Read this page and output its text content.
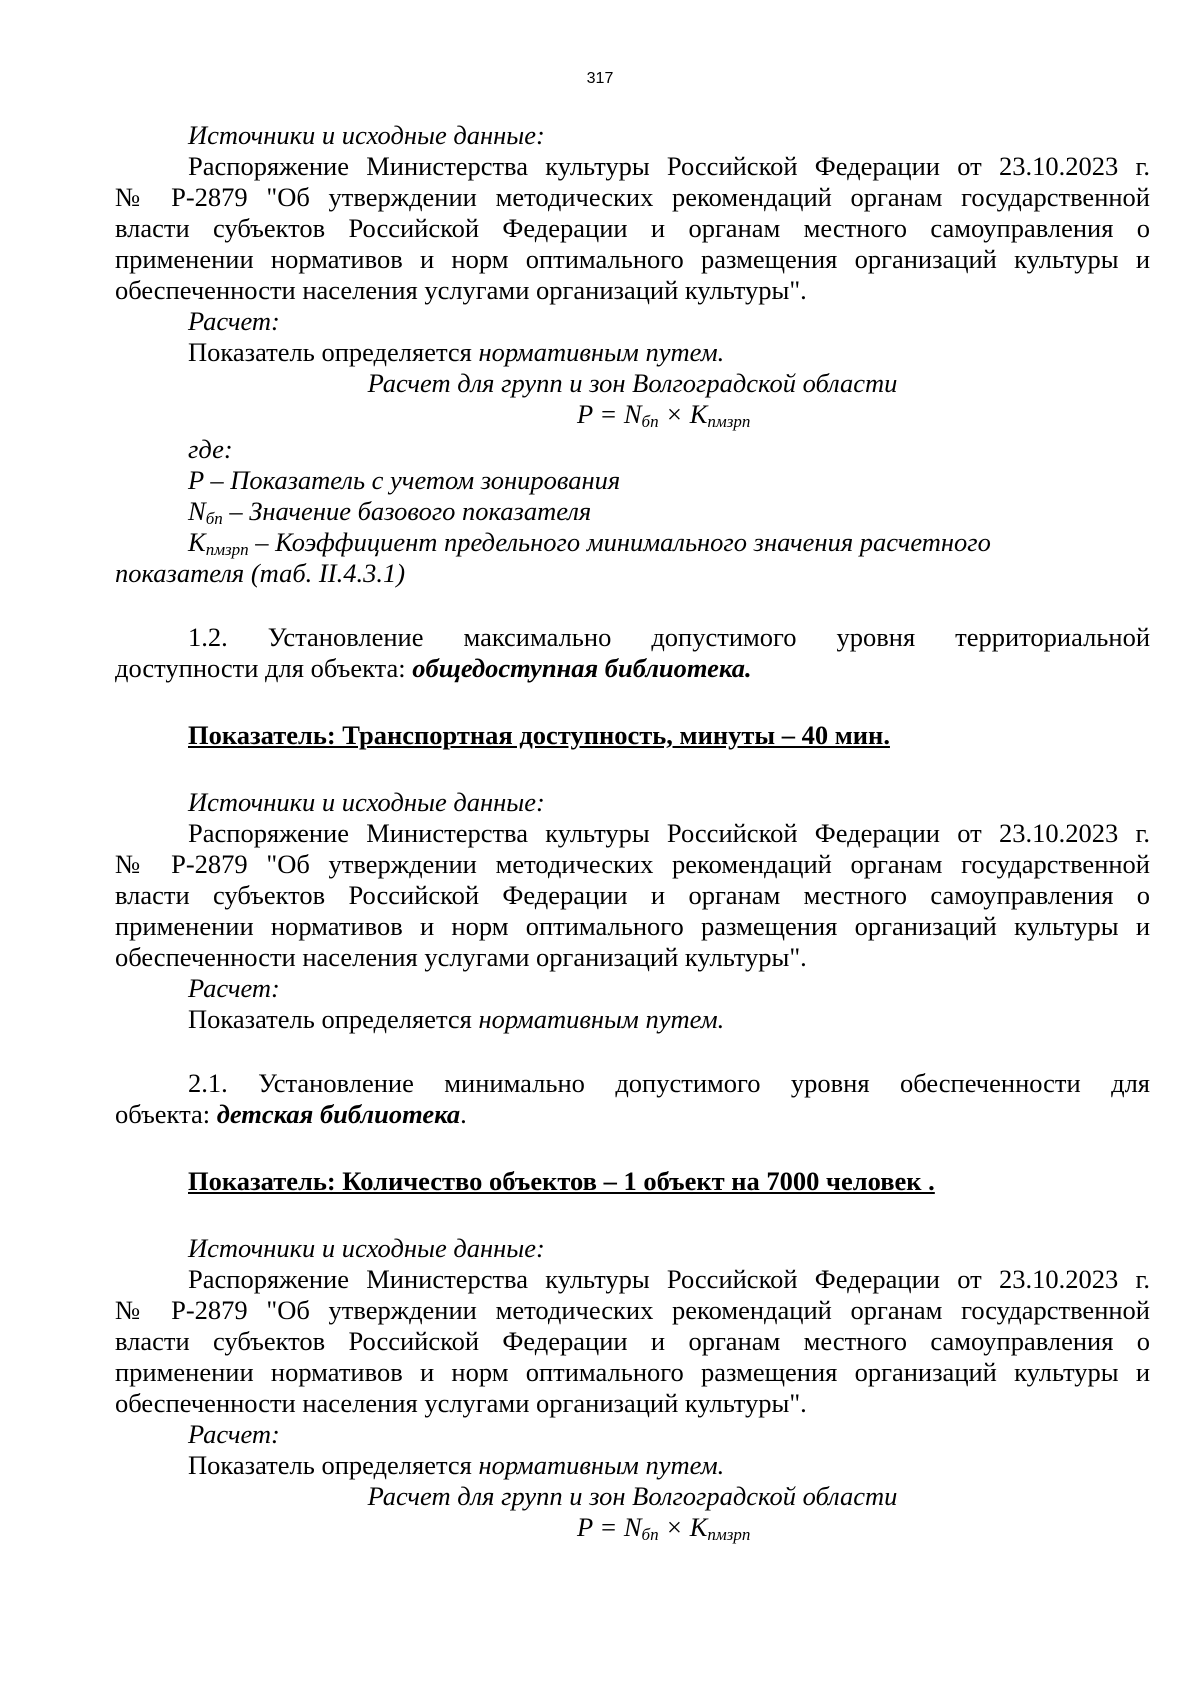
317
Источники и исходные данные:
Распоряжение Министерства культуры Российской Федерации от 23.10.2023 г.
№ Р-2879 "Об утверждении методических рекомендаций органам государственной
власти субъектов Российской Федерации и органам местного самоуправления о
применении нормативов и норм оптимального размещения организаций культуры и
обеспеченности населения услугами организаций культуры".
Расчет:
Показатель определяется нормативным путем.
Расчет для групп и зон Волгоградской области
$P = N_{бп} \times K_{пмзрп}$
где:
P – Показатель с учетом зонирования
$N_{бп}$ – Значение базового показателя
$K_{пмзрп}$ – Коэффициент предельного минимального значения расчетного
показателя (таб. II.4.3.1)
1.2. Установление максимально допустимого уровня территориальной
доступности для объекта: общедоступная библиотека.
Показатель: Транспортная доступность, минуты – 40 мин.
Источники и исходные данные:
Распоряжение Министерства культуры Российской Федерации от 23.10.2023 г.
№ Р-2879 "Об утверждении методических рекомендаций органам государственной
власти субъектов Российской Федерации и органам местного самоуправления о
применении нормативов и норм оптимального размещения организаций культуры и
обеспеченности населения услугами организаций культуры".
Расчет:
Показатель определяется нормативным путем.
2.1. Установление минимально допустимого уровня обеспеченности для
объекта: детская библиотека.
Показатель: Количество объектов – 1 объект на 7000 человек .
Источники и исходные данные:
Распоряжение Министерства культуры Российской Федерации от 23.10.2023 г.
№ Р-2879 "Об утверждении методических рекомендаций органам государственной
власти субъектов Российской Федерации и органам местного самоуправления о
применении нормативов и норм оптимального размещения организаций культуры и
обеспеченности населения услугами организаций культуры".
Расчет:
Показатель определяется нормативным путем.
Расчет для групп и зон Волгоградской области
$P = N_{бп} \times K_{пмзрп}$
